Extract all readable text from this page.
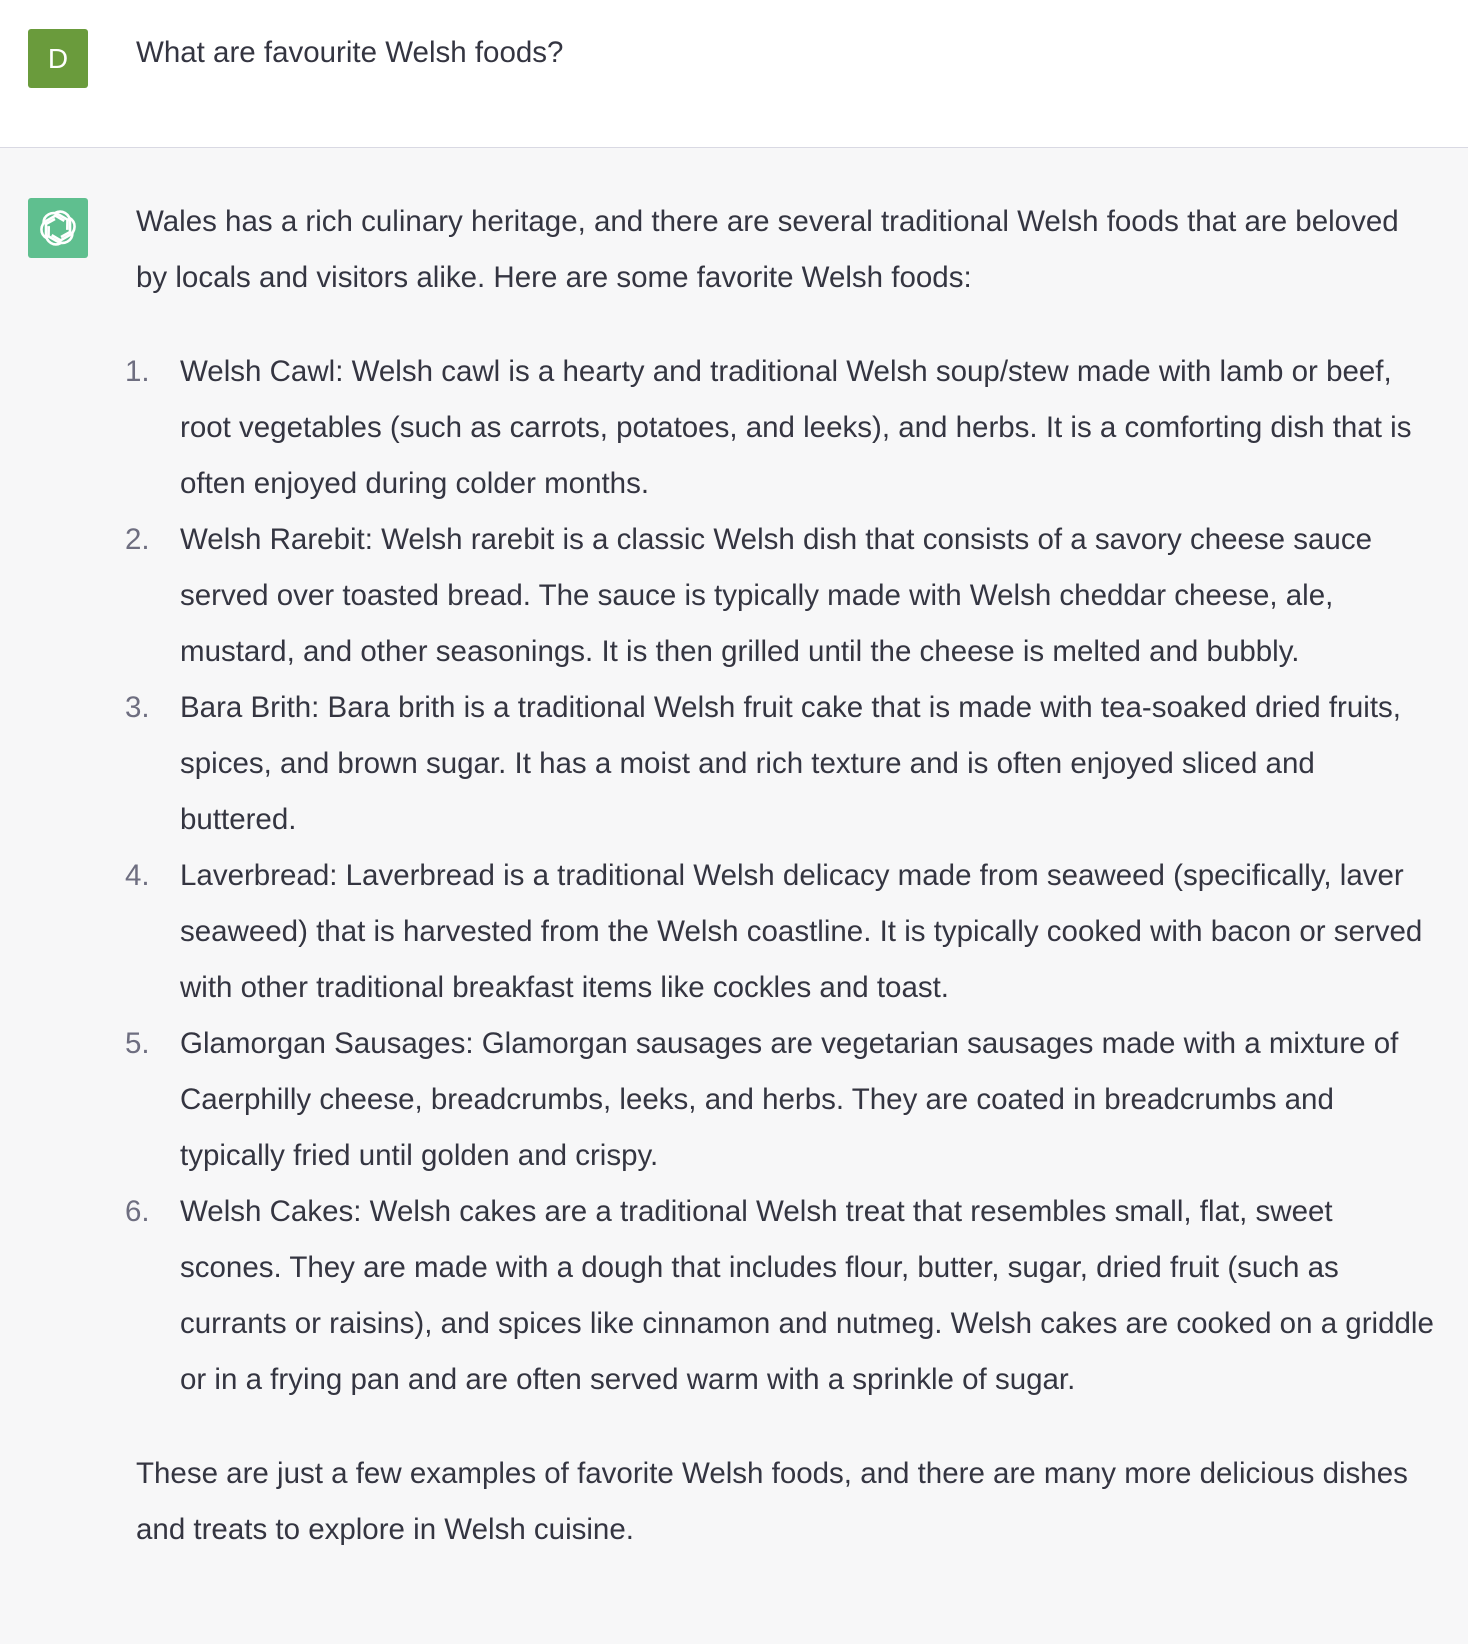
D	What are favourite Welsh foods?

Wales has a rich culinary heritage, and there are several traditional Welsh foods that are beloved by locals and visitors alike. Here are some favorite Welsh foods:

1. Welsh Cawl: Welsh cawl is a hearty and traditional Welsh soup/stew made with lamb or beef, root vegetables (such as carrots, potatoes, and leeks), and herbs. It is a comforting dish that is often enjoyed during colder months.
2. Welsh Rarebit: Welsh rarebit is a classic Welsh dish that consists of a savory cheese sauce served over toasted bread. The sauce is typically made with Welsh cheddar cheese, ale, mustard, and other seasonings. It is then grilled until the cheese is melted and bubbly.
3. Bara Brith: Bara brith is a traditional Welsh fruit cake that is made with tea-soaked dried fruits, spices, and brown sugar. It has a moist and rich texture and is often enjoyed sliced and buttered.
4. Laverbread: Laverbread is a traditional Welsh delicacy made from seaweed (specifically, laver seaweed) that is harvested from the Welsh coastline. It is typically cooked with bacon or served with other traditional breakfast items like cockles and toast.
5. Glamorgan Sausages: Glamorgan sausages are vegetarian sausages made with a mixture of Caerphilly cheese, breadcrumbs, leeks, and herbs. They are coated in breadcrumbs and typically fried until golden and crispy.
6. Welsh Cakes: Welsh cakes are a traditional Welsh treat that resembles small, flat, sweet scones. They are made with a dough that includes flour, butter, sugar, dried fruit (such as currants or raisins), and spices like cinnamon and nutmeg. Welsh cakes are cooked on a griddle or in a frying pan and are often served warm with a sprinkle of sugar.

These are just a few examples of favorite Welsh foods, and there are many more delicious dishes and treats to explore in Welsh cuisine.
